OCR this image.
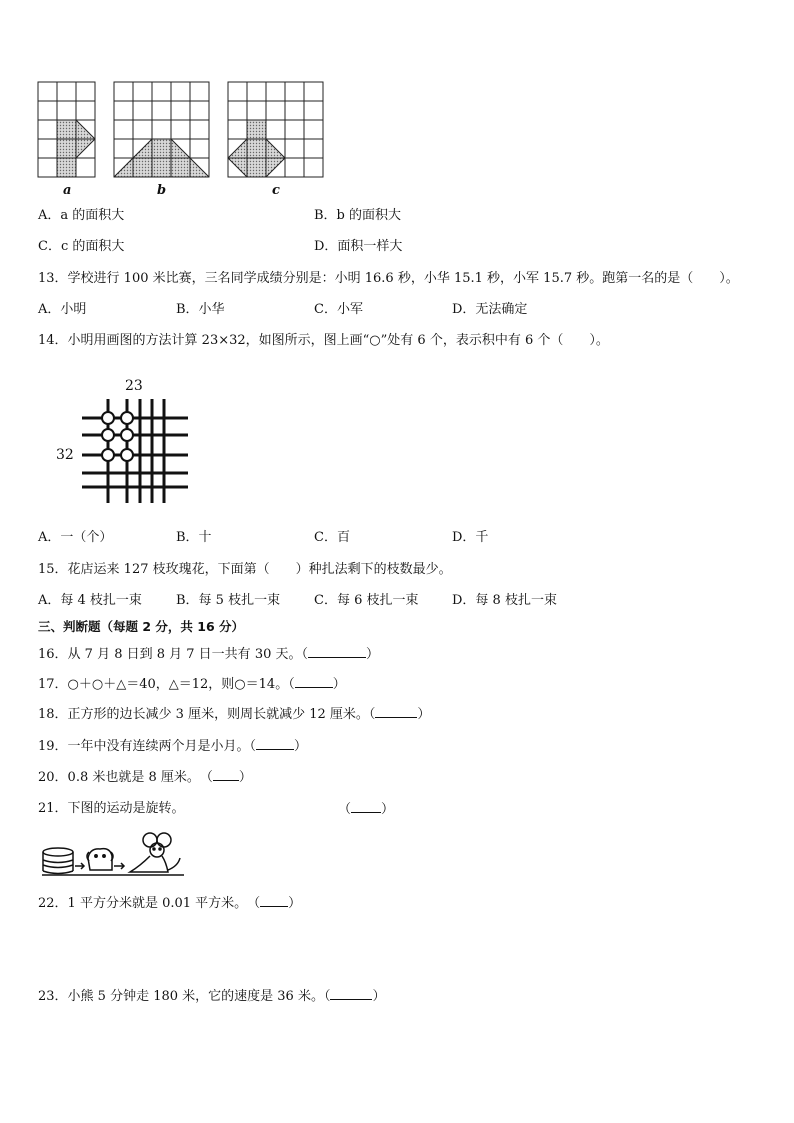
a	b	c
A．a 的面积大	B．b 的面积大
C．c 的面积大	D．面积一样大
13．学校进行 100 米比赛，三名同学成绩分别是：小明 16.6 秒，小华 15.1 秒，小军 15.7 秒。跑第一名的是（　　）。
A．小明	B．小华	C．小军	D．无法确定
14．小明用画图的方法计算 23×32，如图所示，图上画“○”处有 6 个，表示积中有 6 个（　　）。
23
32
A．一（个）	B．十	C．百	D．千
15．花店运来 127 枝玫瑰花，下面第（　　）种扎法剩下的枝数最少。
A．每 4 枝扎一束	B．每 5 枝扎一束	C．每 6 枝扎一束	D．每 8 枝扎一束
三、判断题（每题 2 分，共 16 分）
16．从 7 月 8 日到 8 月 7 日一共有 30 天。（	）
17．○＋○＋△＝40，△＝12，则○＝14。（	）
18．正方形的边长减少 3 厘米，则周长就减少 12 厘米。（	）
19．一年中没有连续两个月是小月。（	）
20．0.8 米也就是 8 厘米。　（ ）
21．下图的运动是旋转。	（ ）
22．1 平方分米就是 0.01 平方米。　（ ）
23．小熊 5 分钟走 180 米，它的速度是 36 米。（	）
